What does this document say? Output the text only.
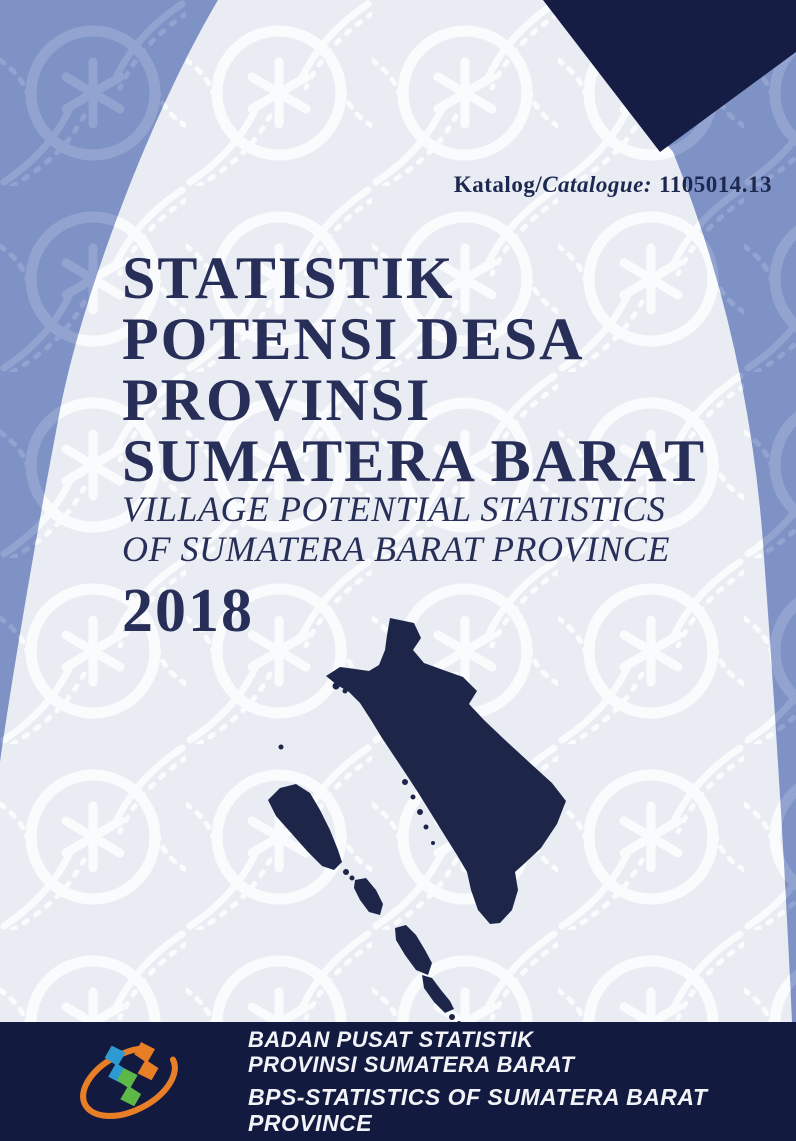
Katalog/Catalogue: 1105014.13
STATISTIK
POTENSI DESA
PROVINSI
SUMATERA BARAT
VILLAGE POTENTIAL STATISTICS
OF SUMATERA BARAT PROVINCE
2018
BADAN PUSAT STATISTIK
PROVINSI SUMATERA BARAT
BPS-STATISTICS OF SUMATERA BARAT PROVINCE
